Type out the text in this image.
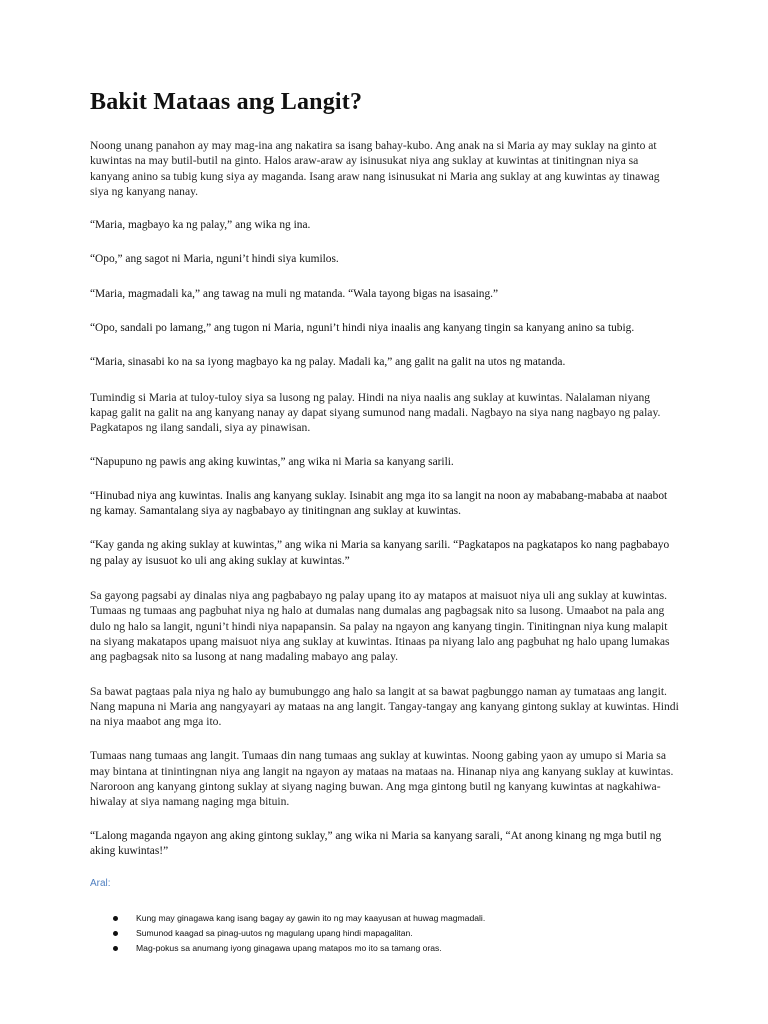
Bakit Mataas ang Langit?

Noong unang panahon ay may mag-ina ang nakatira sa isang bahay-kubo. Ang anak na si Maria ay may suklay na ginto at kuwintas na may butil-butil na ginto. Halos araw-araw ay isinusukat niya ang suklay at kuwintas at tinitingnan niya sa kanyang anino sa tubig kung siya ay maganda. Isang araw nang isinusukat ni Maria ang suklay at ang kuwintas ay tinawag siya ng kanyang nanay.

“Maria, magbayo ka ng palay,” ang wika ng ina.

“Opo,” ang sagot ni Maria, nguni’t hindi siya kumilos.

“Maria, magmadali ka,” ang tawag na muli ng matanda. “Wala tayong bigas na isasaing.”

“Opo, sandali po lamang,” ang tugon ni Maria, nguni’t hindi niya inaalis ang kanyang tingin sa kanyang anino sa tubig.

“Maria, sinasabi ko na sa iyong magbayo ka ng palay. Madali ka,” ang galit na galit na utos ng matanda.

Tumindig si Maria at tuloy-tuloy siya sa lusong ng palay. Hindi na niya naalis ang suklay at kuwintas. Nalalaman niyang kapag galit na galit na ang kanyang nanay ay dapat siyang sumunod nang madali. Nagbayo na siya nang nagbayo ng palay. Pagkatapos ng ilang sandali, siya ay pinawisan.

“Napupuno ng pawis ang aking kuwintas,” ang wika ni Maria sa kanyang sarili.

“Hinubad niya ang kuwintas. Inalis ang kanyang suklay. Isinabit ang mga ito sa langit na noon ay mababang-mababa at naabot ng kamay. Samantalang siya ay nagbabayo ay tinitingnan ang suklay at kuwintas.

“Kay ganda ng aking suklay at kuwintas,” ang wika ni Maria sa kanyang sarili. “Pagkatapos na pagkatapos ko nang pagbabayo ng palay ay isusuot ko uli ang aking suklay at kuwintas.”

Sa gayong pagsabi ay dinalas niya ang pagbabayo ng palay upang ito ay matapos at maisuot niya uli ang suklay at kuwintas. Tumaas ng tumaas ang pagbuhat niya ng halo at dumalas nang dumalas ang pagbagsak nito sa lusong. Umaabot na pala ang dulo ng halo sa langit, nguni’t hindi niya napapansin. Sa palay na ngayon ang kanyang tingin. Tinitingnan niya kung malapit na siyang makatapos upang maisuot niya ang suklay at kuwintas. Itinaas pa niyang lalo ang pagbuhat ng halo upang lumakas ang pagbagsak nito sa lusong at nang madaling mabayo ang palay.

Sa bawat pagtaas pala niya ng halo ay bumubunggo ang halo sa langit at sa bawat pagbunggo naman ay tumataas ang langit. Nang mapuna ni Maria ang nangyayari ay mataas na ang langit. Tangay-tangay ang kanyang gintong suklay at kuwintas. Hindi na niya maabot ang mga ito.

Tumaas nang tumaas ang langit. Tumaas din nang tumaas ang suklay at kuwintas. Noong gabing yaon ay umupo si Maria sa may bintana at tinintingnan niya ang langit na ngayon ay mataas na mataas na. Hinanap niya ang kanyang suklay at kuwintas. Naroroon ang kanyang gintong suklay at siyang naging buwan. Ang mga gintong butil ng kanyang kuwintas at nagkahiwa-hiwalay at siya namang naging mga bituin.

“Lalong maganda ngayon ang aking gintong suklay,” ang wika ni Maria sa kanyang sarali, “At anong kinang ng mga butil ng aking kuwintas!”

Aral:
Kung may ginagawa kang isang bagay ay gawin ito ng may kaayusan at huwag magmadali.
Sumunod kaagad sa pinag-uutos ng magulang upang hindi mapagalitan.
Mag-pokus sa anumang iyong ginagawa upang matapos mo ito sa tamang oras.
